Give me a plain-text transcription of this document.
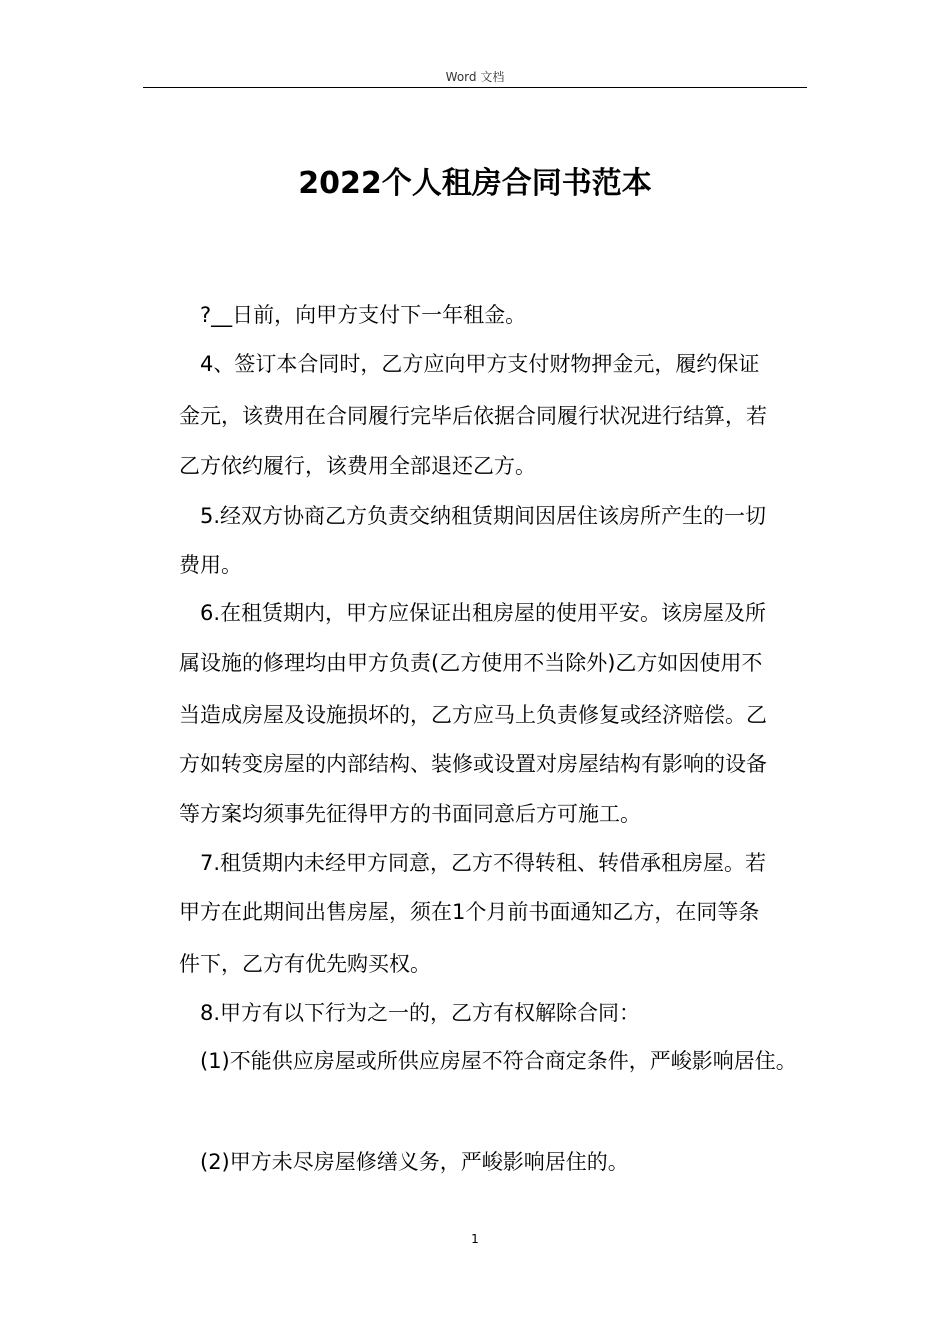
Word 文档
2022个人租房合同书范本
?__日前，向甲方支付下一年租金。
4、签订本合同时，乙方应向甲方支付财物押金元，履约保证
金元，该费用在合同履行完毕后依据合同履行状况进行结算，若
乙方依约履行，该费用全部退还乙方。
5.经双方协商乙方负责交纳租赁期间因居住该房所产生的一切
费用。
6.在租赁期内，甲方应保证出租房屋的使用平安。该房屋及所
属设施的修理均由甲方负责(乙方使用不当除外)乙方如因使用不
当造成房屋及设施损坏的，乙方应马上负责修复或经济赔偿。乙
方如转变房屋的内部结构、装修或设置对房屋结构有影响的设备
等方案均须事先征得甲方的书面同意后方可施工。
7.租赁期内未经甲方同意，乙方不得转租、转借承租房屋。若
甲方在此期间出售房屋，须在1个月前书面通知乙方，在同等条
件下，乙方有优先购买权。
8.甲方有以下行为之一的，乙方有权解除合同：
(1)不能供应房屋或所供应房屋不符合商定条件，严峻影响居住。
(2)甲方未尽房屋修缮义务，严峻影响居住的。
1
